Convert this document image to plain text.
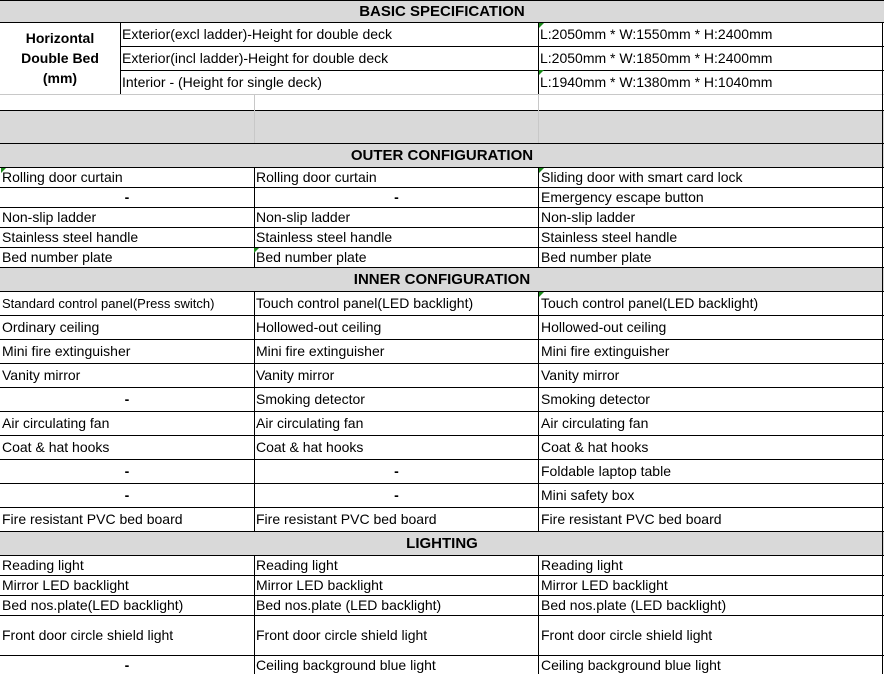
BASIC SPECIFICATION
Horizontal
Double Bed
(mm)
Exterior(excl ladder)-Height for double deck	L:2050mm * W:1550mm * H:2400mm
Exterior(incl ladder)-Height for double deck	L:2050mm * W:1850mm * H:2400mm
Interior - (Height for single deck)	L:1940mm * W:1380mm * H:1040mm
OUTER CONFIGURATION
Rolling door curtain	Rolling door curtain	Sliding door with smart card lock
-	-	Emergency escape button
Non-slip ladder	Non-slip ladder	Non-slip ladder
Stainless steel handle	Stainless steel handle	Stainless steel handle
Bed number plate	Bed number plate	Bed number plate
INNER CONFIGURATION
Standard control panel(Press switch)	Touch control panel(LED backlight)	Touch control panel(LED backlight)
Ordinary ceiling	Hollowed-out ceiling	Hollowed-out ceiling
Mini fire extinguisher	Mini fire extinguisher	Mini fire extinguisher
Vanity mirror	Vanity mirror	Vanity mirror
-	Smoking detector	Smoking detector
Air circulating fan	Air circulating fan	Air circulating fan
Coat & hat hooks	Coat & hat hooks	Coat & hat hooks
-	-	Foldable laptop table
-	-	Mini safety box
Fire resistant PVC bed board	Fire resistant PVC bed board	Fire resistant PVC bed board
LIGHTING
Reading light	Reading light	Reading light
Mirror LED backlight	Mirror LED backlight	Mirror LED backlight
Bed nos.plate(LED backlight)	Bed nos.plate (LED backlight)	Bed nos.plate (LED backlight)
Front door circle shield light	Front door circle shield light	Front door circle shield light
-	Ceiling background blue light	Ceiling background blue light
